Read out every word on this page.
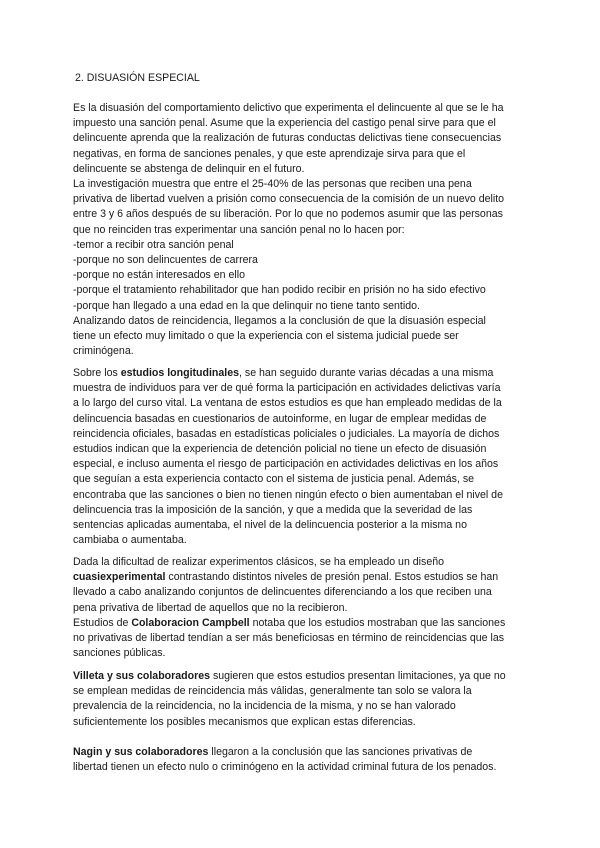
2. DISUASIÓN ESPECIAL
Es la disuasión del comportamiento delictivo que experimenta el delincuente al que se le ha
impuesto una sanción penal. Asume que la experiencia del castigo penal sirve para que el
delincuente aprenda que la realización de futuras conductas delictivas tiene consecuencias
negativas, en forma de sanciones penales, y que este aprendizaje sirva para que el
delincuente se abstenga de delinquir en el futuro.
La investigación muestra que entre el 25-40% de las personas que reciben una pena
privativa de libertad vuelven a prisión como consecuencia de la comisión de un nuevo delito
entre 3 y 6 años después de su liberación. Por lo que no podemos asumir que las personas
que no reinciden tras experimentar una sanción penal no lo hacen por:
-temor a recibir otra sanción penal
-porque no son delincuentes de carrera
-porque no están interesados en ello
-porque el tratamiento rehabilitador que han podido recibir en prisión no ha sido efectivo
-porque han llegado a una edad en la que delinquir no tiene tanto sentido.
Analizando datos de reincidencia, llegamos a la conclusión de que la disuasión especial
tiene un efecto muy limitado o que la experiencia con el sistema judicial puede ser
criminógena.
Sobre los estudios longitudinales, se han seguido durante varias décadas a una misma
muestra de individuos para ver de qué forma la participación en actividades delictivas varía
a lo largo del curso vital. La ventana de estos estudios es que han empleado medidas de la
delincuencia basadas en cuestionarios de autoinforme, en lugar de emplear medidas de
reincidencia oficiales, basadas en estadísticas policiales o judiciales. La mayoría de dichos
estudios indican que la experiencia de detención policial no tiene un efecto de disuasión
especial, e incluso aumenta el riesgo de participación en actividades delictivas en los años
que seguían a esta experiencia contacto con el sistema de justicia penal. Además, se
encontraba que las sanciones o bien no tienen ningún efecto o bien aumentaban el nivel de
delincuencia tras la imposición de la sanción, y que a medida que la severidad de las
sentencias aplicadas aumentaba, el nivel de la delincuencia posterior a la misma no
cambiaba o aumentaba.
Dada la dificultad de realizar experimentos clásicos, se ha empleado un diseño
cuasiexperimental contrastando distintos niveles de presión penal. Estos estudios se han
llevado a cabo analizando conjuntos de delincuentes diferenciando a los que reciben una
pena privativa de libertad de aquellos que no la recibieron.
Estudios de Colaboracion Campbell notaba que los estudios mostraban que las sanciones
no privativas de libertad tendían a ser más beneficiosas en término de reincidencias que las
sanciones públicas.
Villeta y sus colaboradores sugieren que estos estudios presentan limitaciones, ya que no
se emplean medidas de reincidencia más válidas, generalmente tan solo se valora la
prevalencia de la reincidencia, no la incidencia de la misma, y no se han valorado
suficientemente los posibles mecanismos que explican estas diferencias.
Nagin y sus colaboradores llegaron a la conclusión que las sanciones privativas de
libertad tienen un efecto nulo o criminógeno en la actividad criminal futura de los penados.
